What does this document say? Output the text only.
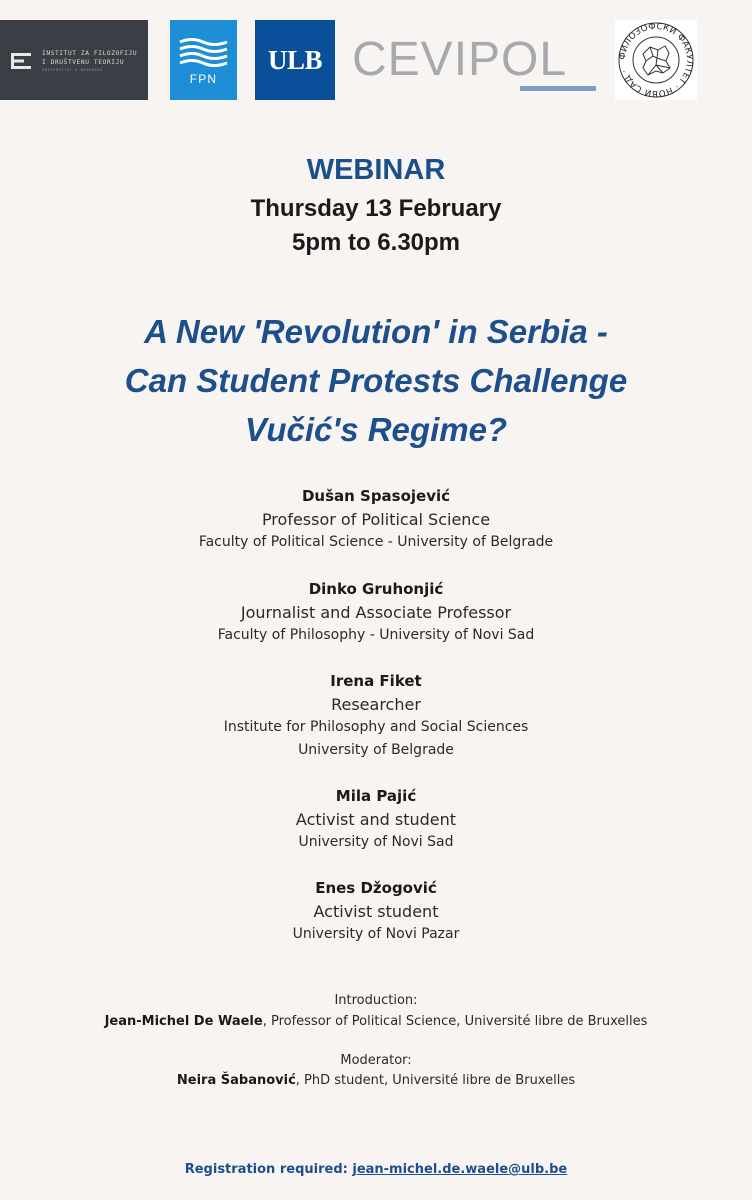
INSTITUT ZA FILOZOFIJU
I DRUŠTVENU TEORIJU
UNIVERZITET U BEOGRADU
FPN
ULB CEVIPOL	ФИЛОЗОФСКИ ФАКУЛТЕТ · НОВИ САД ·
WEBINAR
Thursday 13 February
5pm to 6.30pm
A New 'Revolution' in Serbia -
Can Student Protests Challenge
Vučić's Regime?
Dušan Spasojević
Professor of Political Science
Faculty of Political Science - University of Belgrade
Dinko Gruhonjić
Journalist and Associate Professor
Faculty of Philosophy - University of Novi Sad
Irena Fiket
Researcher
Institute for Philosophy and Social Sciences
University of Belgrade
Mila Pajić
Activist and student
University of Novi Sad
Enes Džogović
Activist student
University of Novi Pazar
Introduction:
Jean-Michel De Waele, Professor of Political Science, Université libre de Bruxelles
Moderator:
Neira Šabanović, PhD student, Université libre de Bruxelles
Registration required: jean-michel.de.waele@ulb.be
